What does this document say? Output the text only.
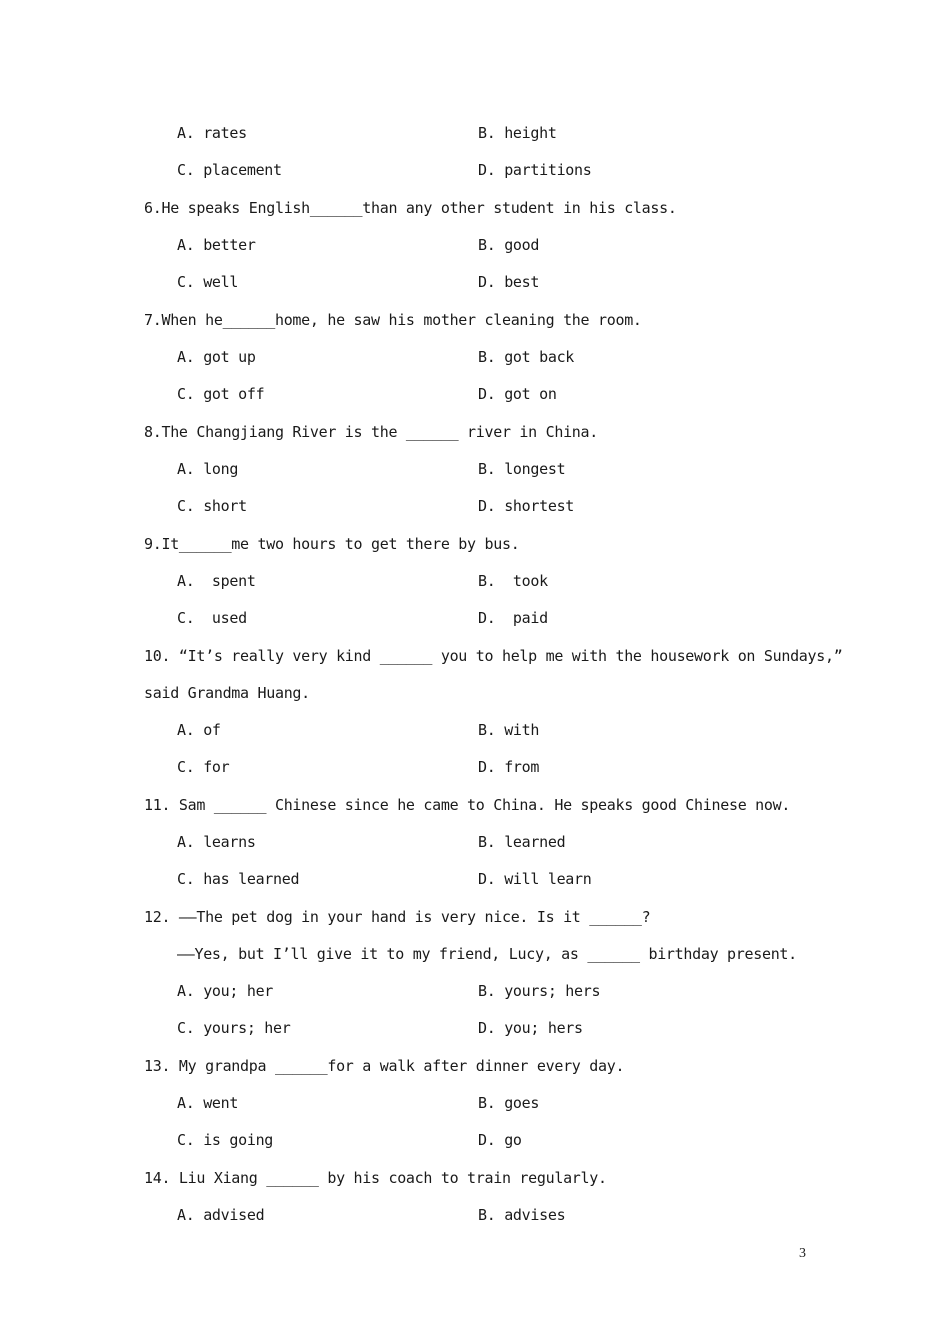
A. rates	B. height
C. placement	D. partitions
6.He speaks English______than any other student in his class.
A. better	B. good
C. well	D. best
7.When he______home, he saw his mother cleaning the room.
A. got up	B. got back
C. got off	D. got on
8.The Changjiang River is the ______ river in China.
A. long	B. longest
C. short	D. shortest
9.It______me two hours to get there by bus.
A.  spent	B.  took
C.  used	D.  paid
10. “It’s really very kind ______ you to help me with the housework on Sundays,”
said Grandma Huang.
A. of	B. with
C. for	D. from
11. Sam ______ Chinese since he came to China. He speaks good Chinese now.
A. learns	B. learned
C. has learned	D. will learn
12. ——The pet dog in your hand is very nice. Is it ______?
——Yes, but I’ll give it to my friend, Lucy, as ______ birthday present.
A. you; her	B. yours; hers
C. yours; her	D. you; hers
13. My grandpa ______for a walk after dinner every day.
A. went	B. goes
C. is going	D. go
14. Liu Xiang ______ by his coach to train regularly.
A. advised	B. advises
3
